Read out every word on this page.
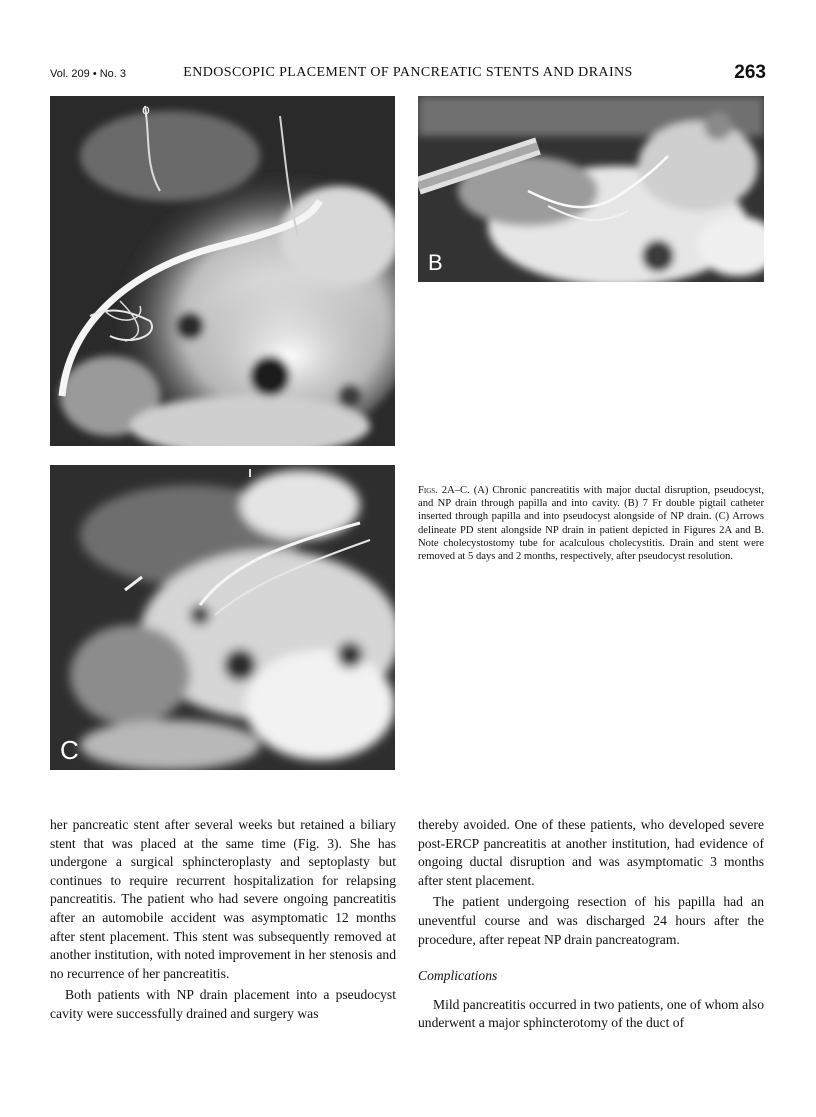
Vol. 209 • No. 3	ENDOSCOPIC PLACEMENT OF PANCREATIC STENTS AND DRAINS	263
ϙ
B
C
Figs. 2A–C. (A) Chronic pancreatitis with major ductal disruption, pseudocyst, and NP drain through papilla and into cavity. (B) 7 Fr double pigtail catheter inserted through papilla and into pseudocyst alongside of NP drain. (C) Arrows delineate PD stent alongside NP drain in patient depicted in Figures 2A and B. Note cholecystostomy tube for acalculous cholecystitis. Drain and stent were removed at 5 days and 2 months, respectively, after pseudocyst resolution.

her pancreatic stent after several weeks but retained a biliary stent that was placed at the same time (Fig. 3). She has undergone a surgical sphincteroplasty and septoplasty but continues to require recurrent hospitalization for relapsing pancreatitis. The patient who had severe ongoing pancreatitis after an automobile accident was asymptomatic 12 months after stent placement. This stent was subsequently removed at another institution, with noted improvement in her stenosis and no recurrence of her pancreatitis.

Both patients with NP drain placement into a pseudocyst cavity were successfully drained and surgery was

thereby avoided. One of these patients, who developed severe post-ERCP pancreatitis at another institution, had evidence of ongoing ductal disruption and was asymptomatic 3 months after stent placement.

The patient undergoing resection of his papilla had an uneventful course and was discharged 24 hours after the procedure, after repeat NP drain pancreatogram.

Complications

Mild pancreatitis occurred in two patients, one of whom also underwent a major sphincterotomy of the duct of
